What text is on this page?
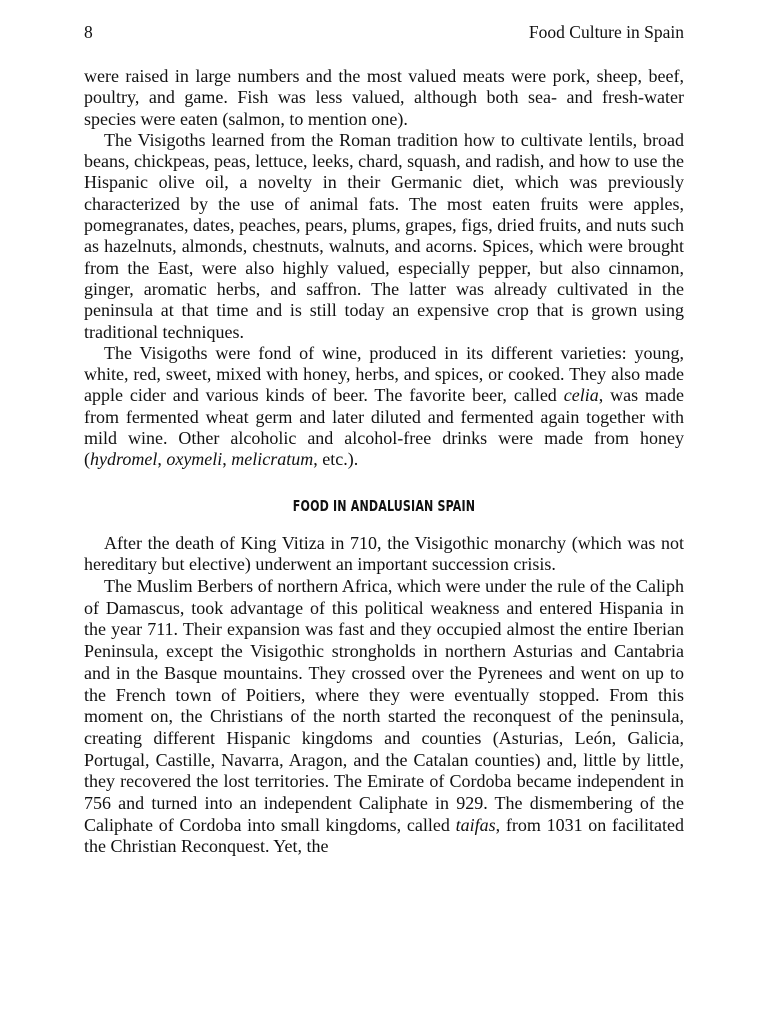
8	Food Culture in Spain

were raised in large numbers and the most valued meats were pork, sheep, beef, poultry, and game. Fish was less valued, although both sea- and fresh-water species were eaten (salmon, to mention one).

The Visigoths learned from the Roman tradition how to cultivate lentils, broad beans, chickpeas, peas, lettuce, leeks, chard, squash, and radish, and how to use the Hispanic olive oil, a novelty in their Germanic diet, which was previously characterized by the use of animal fats. The most eaten fruits were apples, pomegranates, dates, peaches, pears, plums, grapes, figs, dried fruits, and nuts such as hazelnuts, almonds, chestnuts, walnuts, and acorns. Spices, which were brought from the East, were also highly valued, especially pepper, but also cinnamon, ginger, aromatic herbs, and saffron. The latter was already cultivated in the peninsula at that time and is still today an expensive crop that is grown using traditional techniques.

The Visigoths were fond of wine, produced in its different varieties: young, white, red, sweet, mixed with honey, herbs, and spices, or cooked. They also made apple cider and various kinds of beer. The favorite beer, called celia, was made from fermented wheat germ and later diluted and fermented again together with mild wine. Other alcoholic and alcohol-free drinks were made from honey (hydromel, oxymeli, melicratum, etc.).

FOOD IN ANDALUSIAN SPAIN

After the death of King Vitiza in 710, the Visigothic monarchy (which was not hereditary but elective) underwent an important succession crisis.

The Muslim Berbers of northern Africa, which were under the rule of the Caliph of Damascus, took advantage of this political weakness and entered Hispania in the year 711. Their expansion was fast and they occupied almost the entire Iberian Peninsula, except the Visigothic strongholds in northern Asturias and Cantabria and in the Basque mountains. They crossed over the Pyrenees and went on up to the French town of Poitiers, where they were eventually stopped. From this moment on, the Christians of the north started the reconquest of the peninsula, creating different Hispanic kingdoms and counties (Asturias, León, Galicia, Portugal, Castille, Navarra, Aragon, and the Catalan counties) and, little by little, they recovered the lost territories. The Emirate of Cordoba became independent in 756 and turned into an independent Caliphate in 929. The dismembering of the Caliphate of Cordoba into small kingdoms, called taifas, from 1031 on facilitated the Christian Reconquest. Yet, the
